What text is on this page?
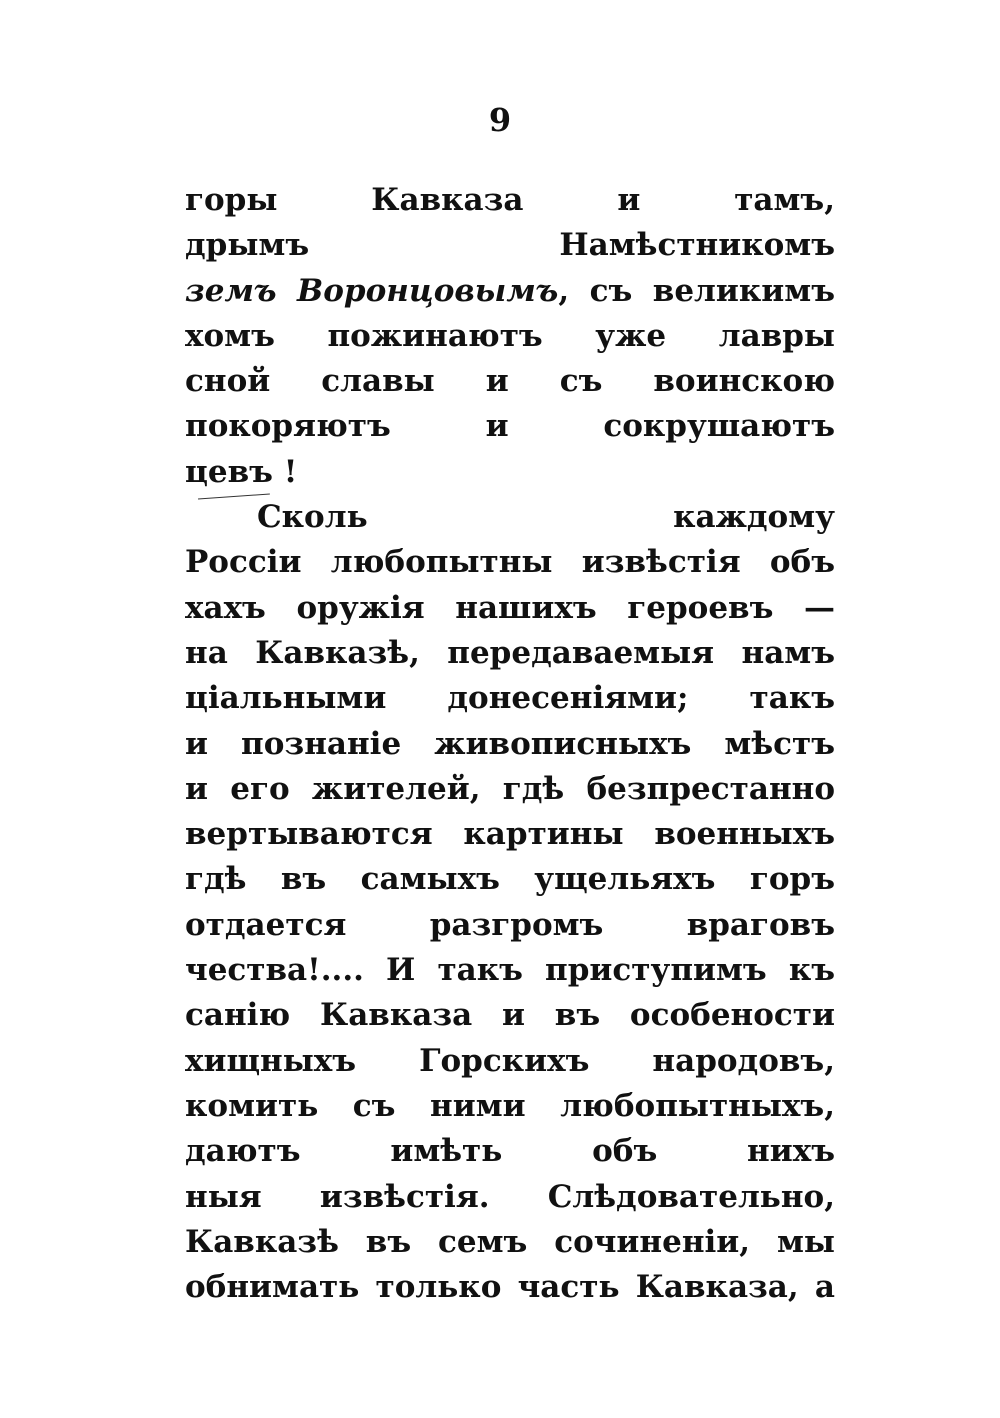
9
горы Кавказа и тамъ,
дрымъ Намѣстникомъ
земъ Воронцовымъ, съ великимъ
хомъ пожинаютъ уже лавры
сной славы и съ воинскою
покоряютъ и сокрушаютъ
цевъ !
Сколь каждому
Россіи любопытны извѣстія объ
хахъ оружія нашихъ героевъ —
на Кавказѣ, передаваемыя намъ
ціальными донесеніями; такъ
и познаніе живописныхъ мѣстъ
и его жителей, гдѣ безпрестанно
вертываются картины военныхъ
гдѣ въ самыхъ ущельяхъ горъ
отдается разгромъ враговъ
чества!.... И такъ приступимъ къ
санію Кавказа и въ особености
хищныхъ Горскихъ народовъ,
комить съ ними любопытныхъ,
даютъ имѣть объ нихъ
ныя извѣстія. Слѣдовательно,
Кавказѣ въ семъ сочиненіи, мы
обнимать только часть Кавказа, а
